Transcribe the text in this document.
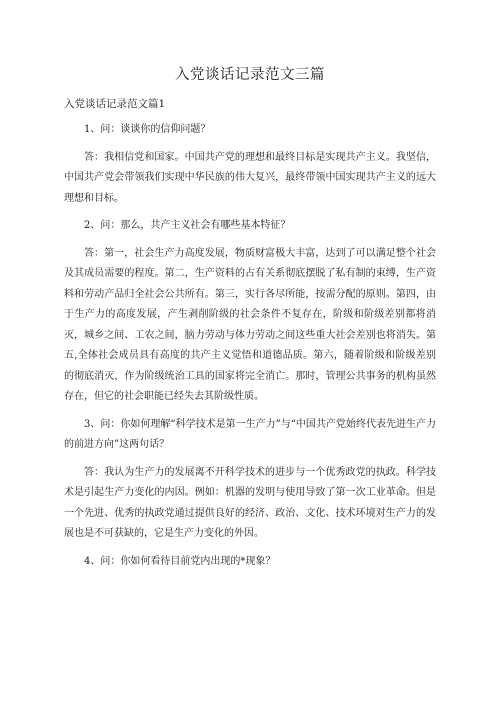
入党谈话记录范文三篇
入党谈话记录范文篇1

1、问：谈谈你的信仰问题？

答：我相信党和国家。中国共产党的理想和最终目标是实现共产主义。我坚信，中国共产党会带领我们实现中华民族的伟大复兴，最终带领中国实现共产主义的远大理想和目标。

2、问：那么，共产主义社会有哪些基本特征？

答：第一，社会生产力高度发展，物质财富极大丰富，达到了可以满足整个社会及其成员需要的程度。第二，生产资料的占有关系彻底摆脱了私有制的束缚，生产资料和劳动产品归全社会公共所有。第三，实行各尽所能，按需分配的原则。第四，由于生产力的高度发展，产生剥削阶级的社会条件不复存在，阶级和阶级差别都将消灭，城乡之间、工农之间，脑力劳动与体力劳动之间这些重大社会差别也将消失。第五,全体社会成员具有高度的共产主义觉悟和道德品质。第六，随着阶级和阶级差别的彻底消灭，作为阶级统治工具的国家将完全消亡。那时，管理公共事务的机构虽然存在，但它的社会职能已经失去其阶级性质。

3、问：你如何理解“科学技术是第一生产力”与“中国共产党始终代表先进生产力的前进方向”这两句话？

答：我认为生产力的发展离不开科学技术的进步与一个优秀政党的执政。科学技术是引起生产力变化的内因。例如：机器的发明与使用导致了第一次工业革命。但是一个先进、优秀的执政党通过提供良好的经济、政治、文化、技术环境对生产力的发展也是不可获缺的，它是生产力变化的外因。

4、问：你如何看待目前党内出现的*现象？
